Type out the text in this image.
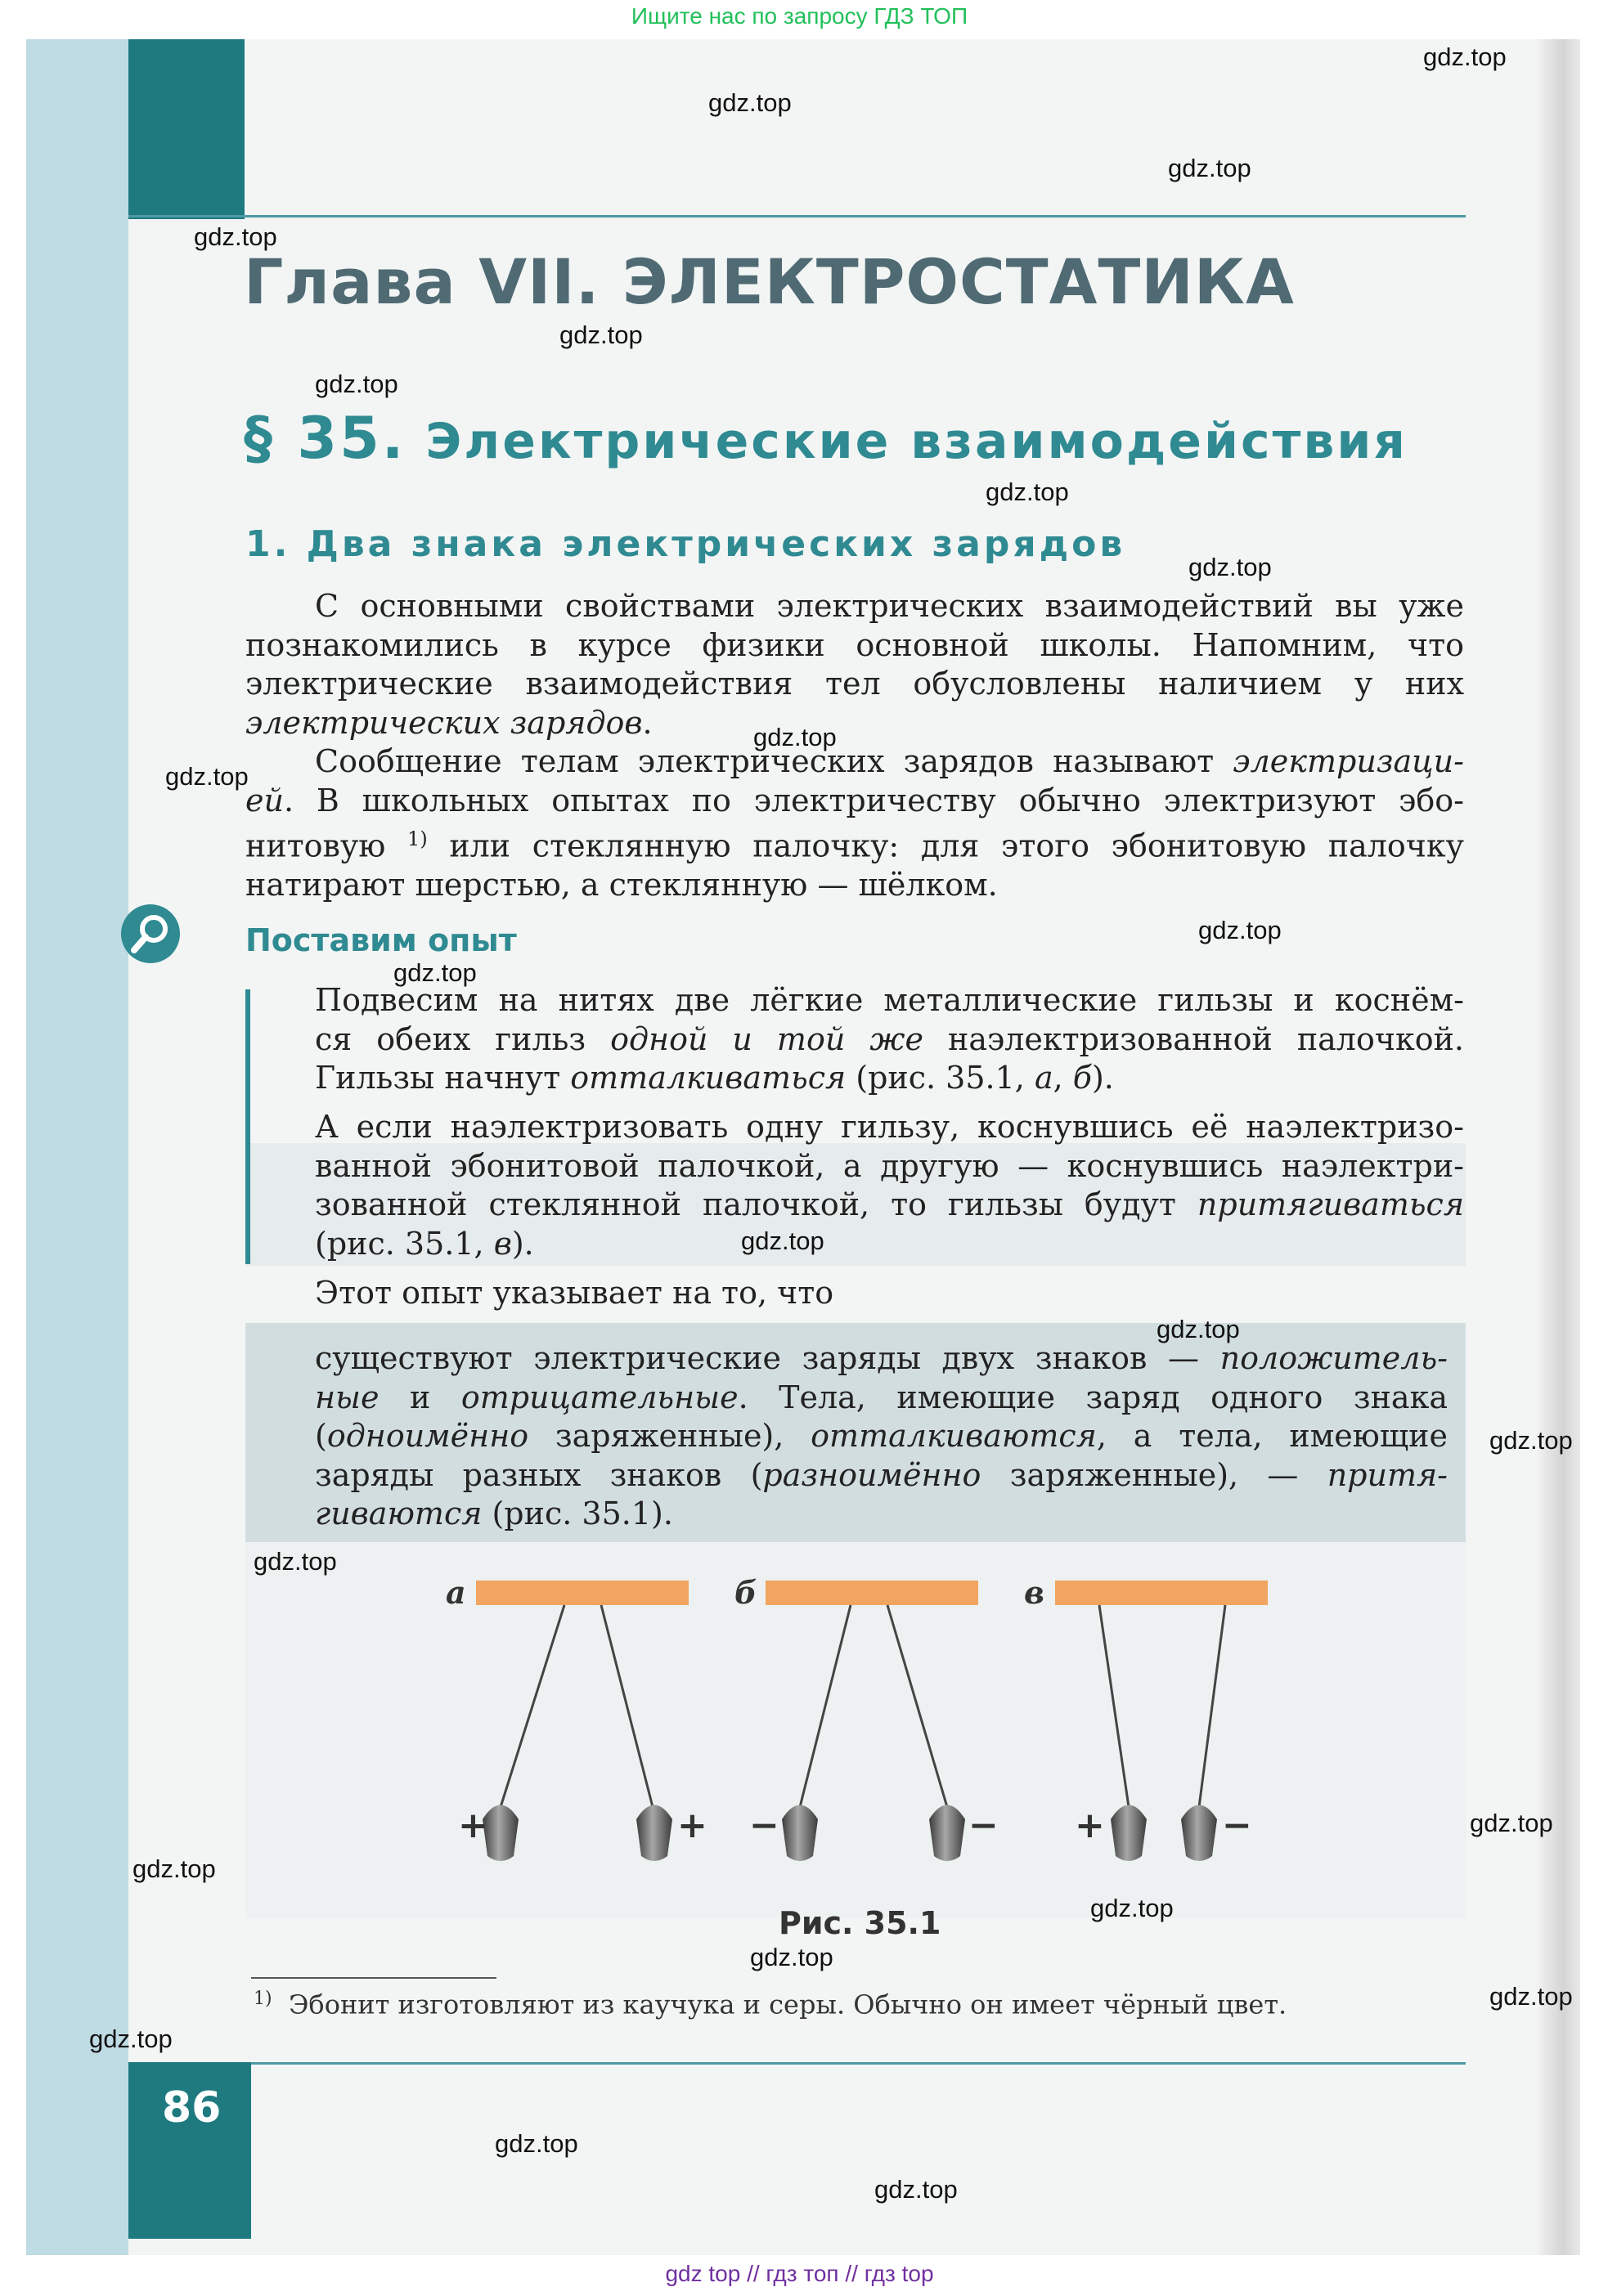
Ищите нас по запросу ГДЗ ТОП
gdz top // гдз топ // гдз top
Глава VII. ЭЛЕКТРОСТАТИКА
§ 35. Электрические взаимодействия
1. Два знака электрических зарядов
С основными свойствами электрических взаимодействий вы уже
познакомились в курсе физики основной школы. Напомним, что
электрические взаимодействия тел обусловлены наличием у них
электрических зарядов.
Сообщение телам электрических зарядов называют электризаци-
ей. В школьных опытах по электричеству обычно электризуют эбо-
нитовую $^{1)}$ или стеклянную палочку: для этого эбонитовую палочку
натирают шерстью, а стеклянную — шёлком.
Поставим опыт
Подвесим на нитях две лёгкие металлические гильзы и коснём-
ся обеих гильз одной и той же наэлектризованной палочкой.
Гильзы начнут отталкиваться (рис. 35.1, а, б).
А если наэлектризовать одну гильзу, коснувшись её наэлектризо-
ванной эбонитовой палочкой, а другую — коснувшись наэлектри-
зованной стеклянной палочкой, то гильзы будут притягиваться
(рис. 35.1, в).
Этот опыт указывает на то, что
существуют электрические заряды двух знаков — положитель-
ные и отрицательные. Тела, имеющие заряд одного знака
(одноимённо заряженные), отталкиваются, а тела, имеющие
заряды разных знаков (разноимённо заряженные), — притя-
гиваются (рис. 35.1).
а	б	в
+	+ −	− +	−
Рис. 35.1
$^{1)}$ Эбонит изготовляют из каучука и серы. Обычно он имеет чёрный цвет.
86
gdz.top
gdz.top
gdz.top
gdz.top
gdz.top
gdz.top
gdz.top
gdz.top
gdz.top
gdz.top
gdz.top
gdz.top
gdz.top
gdz.top
gdz.top
gdz.top
gdz.top
gdz.top
gdz.top
gdz.top
gdz.top
gdz.top
gdz.top
gdz.top
